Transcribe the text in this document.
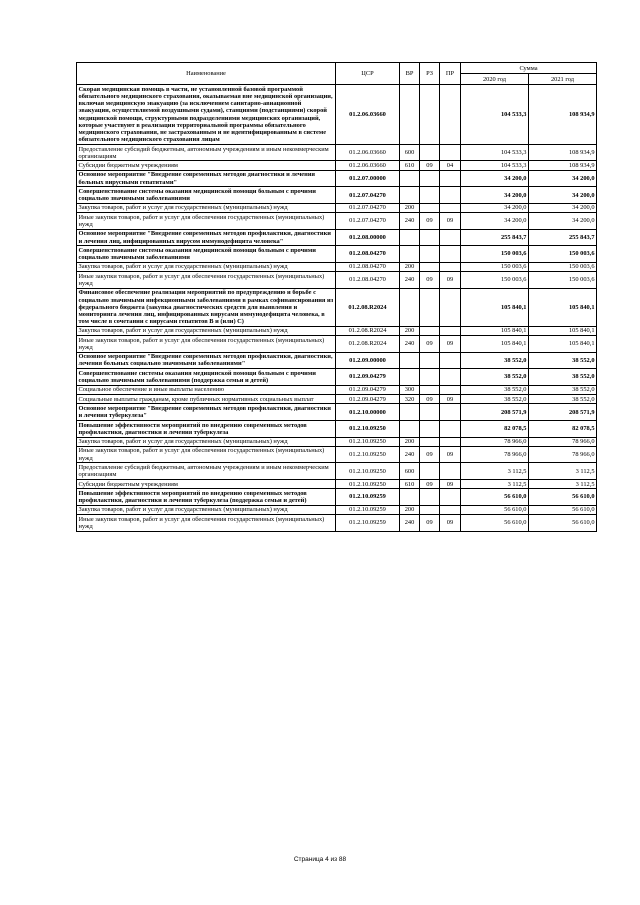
Наименование	ЦСР	ВР	РЗ	ПР	Сумма	
					2020 год	2021 год
Скорая медицинская помощь в части, не установленной базовой программой обязательного медицинского страхования, оказываемая вне медицинской организации, включая медицинскую эвакуацию (за исключением санитарно-авиационной эвакуации, осуществляемой воздушными судами), станциями (подстанциями) скорой медицинской помощи, структурными подразделениями медицинских организаций, которые участвуют в реализации территориальной программы обязательного медицинского страхования, не застрахованным и не идентифицированным в системе обязательного медицинского страхования лицам	01.2.06.03660				104 533,3	108 934,9
Предоставление субсидий бюджетным, автономным учреждениям и иным некоммерческим организациям	01.2.06.03660	600			104 533,3	108 934,9
Субсидии бюджетным учреждениям	01.2.06.03660	610	09	04	104 533,3	108 934,9
Основное мероприятие "Внедрение современных методов диагностики и лечения больных вирусными гепатитами"	01.2.07.00000				34 200,0	34 200,0
Совершенствование системы оказания медицинской помощи больным с прочими социально значимыми заболеваниями	01.2.07.04270				34 200,0	34 200,0
Закупка товаров, работ и услуг для государственных (муниципальных) нужд	01.2.07.04270	200			34 200,0	34 200,0
Иные закупки товаров, работ и услуг для обеспечения государственных (муниципальных) нужд	01.2.07.04270	240	09	09	34 200,0	34 200,0
Основное мероприятие "Внедрение современных методов профилактики, диагностики и лечения лиц, инфицированных вирусом иммунодефицита человека"	01.2.08.00000				255 843,7	255 843,7
Совершенствование системы оказания медицинской помощи больным с прочими социально значимыми заболеваниями	01.2.08.04270				150 003,6	150 003,6
Закупка товаров, работ и услуг для государственных (муниципальных) нужд	01.2.08.04270	200			150 003,6	150 003,6
Иные закупки товаров, работ и услуг для обеспечения государственных (муниципальных) нужд	01.2.08.04270	240	09	09	150 003,6	150 003,6
Финансовое обеспечение реализации мероприятий по предупреждению и борьбе с социально значимыми инфекционными заболеваниями в рамках софинансирования из федерального бюджета (закупка диагностических средств для выявления и мониторинга лечения лиц, инфицированных вирусами иммунодефицита человека, в том числе в сочетании с вирусами гепатитов В и (или) С)	01.2.08.R2024				105 840,1	105 840,1
Закупка товаров, работ и услуг для государственных (муниципальных) нужд	01.2.08.R2024	200			105 840,1	105 840,1
Иные закупки товаров, работ и услуг для обеспечения государственных (муниципальных) нужд	01.2.08.R2024	240	09	09	105 840,1	105 840,1
Основное мероприятие "Внедрение современных методов профилактики, диагностики, лечения больных социально значимыми заболеваниями"	01.2.09.00000				38 552,0	38 552,0
Совершенствование системы оказания медицинской помощи больным с прочими социально значимыми заболеваниями (поддержка семьи и детей)	01.2.09.04279				38 552,0	38 552,0
Социальное обеспечение и иные выплаты населению	01.2.09.04279	300			38 552,0	38 552,0
Социальные выплаты гражданам, кроме публичных нормативных социальных выплат	01.2.09.04279	320	09	09	38 552,0	38 552,0
Основное мероприятие "Внедрение современных методов профилактики, диагностики и лечения туберкулеза"	01.2.10.00000				208 571,9	208 571,9
Повышение эффективности мероприятий по внедрению современных методов профилактики, диагностики и лечения туберкулеза	01.2.10.09250				82 078,5	82 078,5
Закупка товаров, работ и услуг для государственных (муниципальных) нужд	01.2.10.09250	200			78 966,0	78 966,0
Иные закупки товаров, работ и услуг для обеспечения государственных (муниципальных) нужд	01.2.10.09250	240	09	09	78 966,0	78 966,0
Предоставление субсидий бюджетным, автономным учреждениям и иным некоммерческим организациям	01.2.10.09250	600			3 112,5	3 112,5
Субсидии бюджетным учреждениям	01.2.10.09250	610	09	09	3 112,5	3 112,5
Повышение эффективности мероприятий по внедрению современных методов профилактики, диагностики и лечения туберкулеза (поддержка семьи и детей)	01.2.10.09259				56 610,0	56 610,0
Закупка товаров, работ и услуг для государственных (муниципальных) нужд	01.2.10.09259	200			56 610,0	56 610,0
Иные закупки товаров, работ и услуг для обеспечения государственных (муниципальных) нужд	01.2.10.09259	240	09	09	56 610,0	56 610,0
Страница 4 из 88
